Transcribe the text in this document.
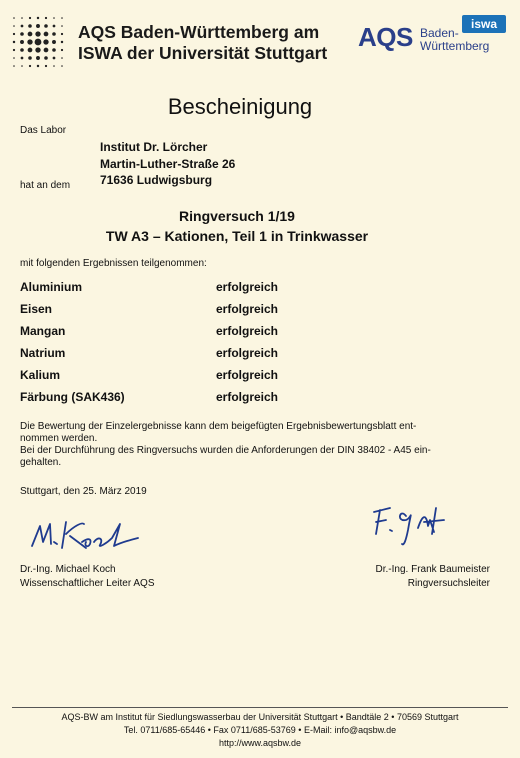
AQS Baden-Württemberg am
ISWA der Universität Stuttgart
AQS Baden-
Württemberg
iswa
Bescheinigung
Das Labor
Institut Dr. Lörcher
Martin-Luther-Straße 26
71636 Ludwigsburg
hat an dem
Ringversuch 1/19
TW A3 – Kationen, Teil 1 in Trinkwasser
mit folgenden Ergebnissen teilgenommen:
Aluminium	erfolgreich
Eisen	erfolgreich
Mangan	erfolgreich
Natrium	erfolgreich
Kalium	erfolgreich
Färbung (SAK436)	erfolgreich
Die Bewertung der Einzelergebnisse kann dem beigefügten Ergebnisbewertungsblatt ent-
nommen werden.
Bei der Durchführung des Ringversuchs wurden die Anforderungen der DIN 38402 - A45 ein-
gehalten.
Stuttgart, den 25. März 2019
Dr.-Ing. Michael Koch
Wissenschaftlicher Leiter AQS
Dr.-Ing. Frank Baumeister
Ringversuchsleiter
AQS-BW am Institut für Siedlungswasserbau der Universität Stuttgart • Bandtäle 2 • 70569 Stuttgart
Tel. 0711/685-65446 • Fax 0711/685-53769 • E-Mail: info@aqsbw.de
http://www.aqsbw.de
